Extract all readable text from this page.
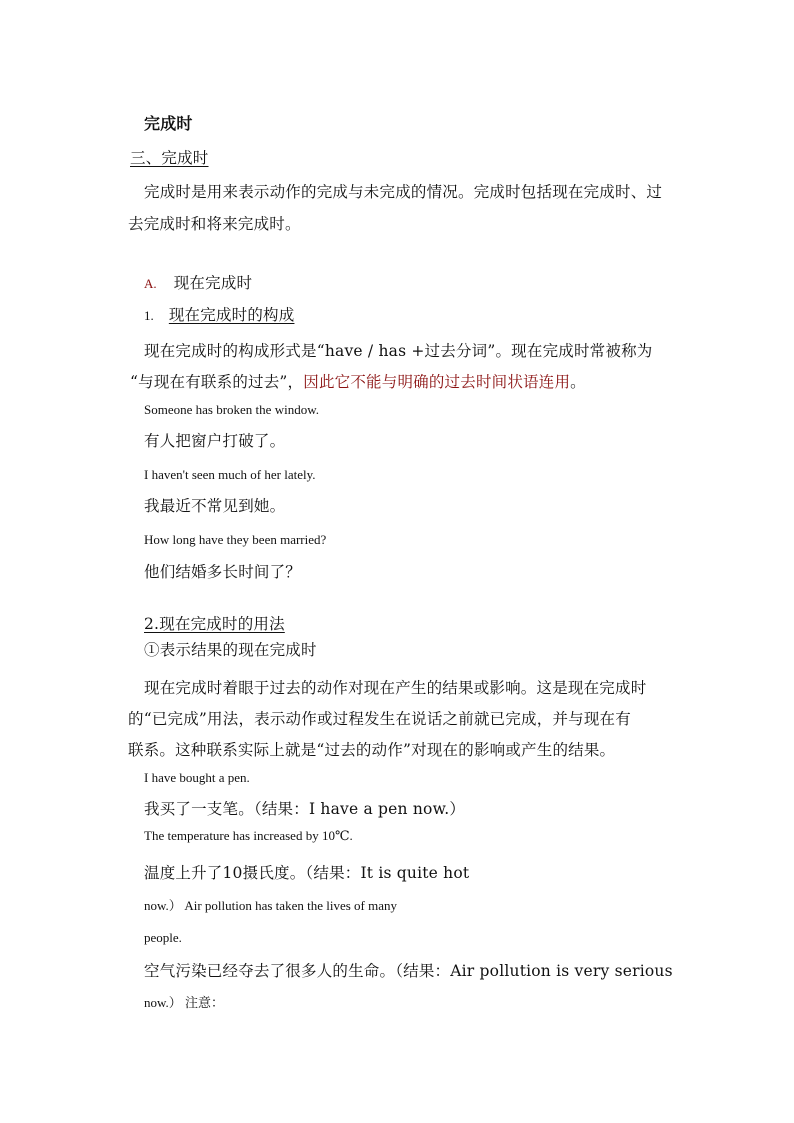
完成时
三、完成时
完成时是用来表示动作的完成与未完成的情况。完成时包括现在完成时、过
去完成时和将来完成时。
A. 现在完成时
1. 现在完成时的构成
现在完成时的构成形式是“have / has +过去分词”。现在完成时常被称为
“与现在有联系的过去”，因此它不能与明确的过去时间状语连用。
Someone has broken the window.
有人把窗户打破了。
I haven't seen much of her lately.
我最近不常见到她。
How long have they been married?
他们结婚多长时间了？
2.现在完成时的用法
①表示结果的现在完成时
现在完成时着眼于过去的动作对现在产生的结果或影响。这是现在完成时
的“已完成”用法，表示动作或过程发生在说话之前就已完成，并与现在有
联系。这种联系实际上就是“过去的动作”对现在的影响或产生的结果。
I have bought a pen.
我买了一支笔。（结果：I have a pen now.）
The temperature has increased by 10℃.
温度上升了10摄氏度。（结果：It is quite hot
now.） Air pollution has taken the lives of many
people.
空气污染已经夺去了很多人的生命。（结果：Air pollution is very serious
now.） 注意：
